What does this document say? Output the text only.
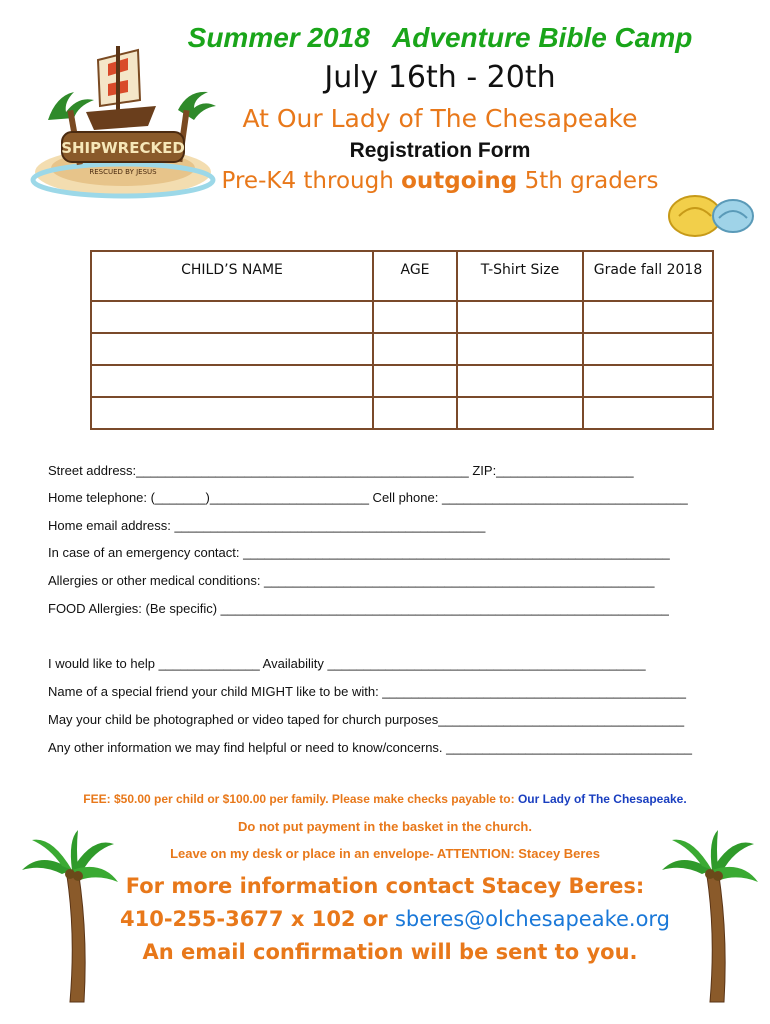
SHIPWRECKED
RESCUED BY JESUS
Summer 2018   Adventure Bible Camp
July 16th - 20th
At Our Lady of The Chesapeake
Registration Form
Pre-K4 through outgoing 5th graders
CHILD’S NAME	AGE	T-Shirt Size	Grade fall 2018

Street address:______________________________________________ ZIP:___________________
Home telephone: (_______)______________________ Cell phone: __________________________________
Home email address: ___________________________________________
In case of an emergency contact: ___________________________________________________________
Allergies or other medical conditions: ______________________________________________________
FOOD Allergies: (Be specific) ______________________________________________________________
I would like to help ______________ Availability ____________________________________________
Name of a special friend your child MIGHT like to be with: __________________________________________
May your child be photographed or video taped for church purposes__________________________________
Any other information we may find helpful or need to know/concerns. __________________________________
FEE: $50.00 per child or $100.00 per family. Please make checks payable to: Our Lady of The Chesapeake.
Do not put payment in the basket in the church.
Leave on my desk or place in an envelope- ATTENTION: Stacey Beres
For more information contact Stacey Beres:
410-255-3677 x 102 or sberes@olchesapeake.org
An email confirmation will be sent to you.
